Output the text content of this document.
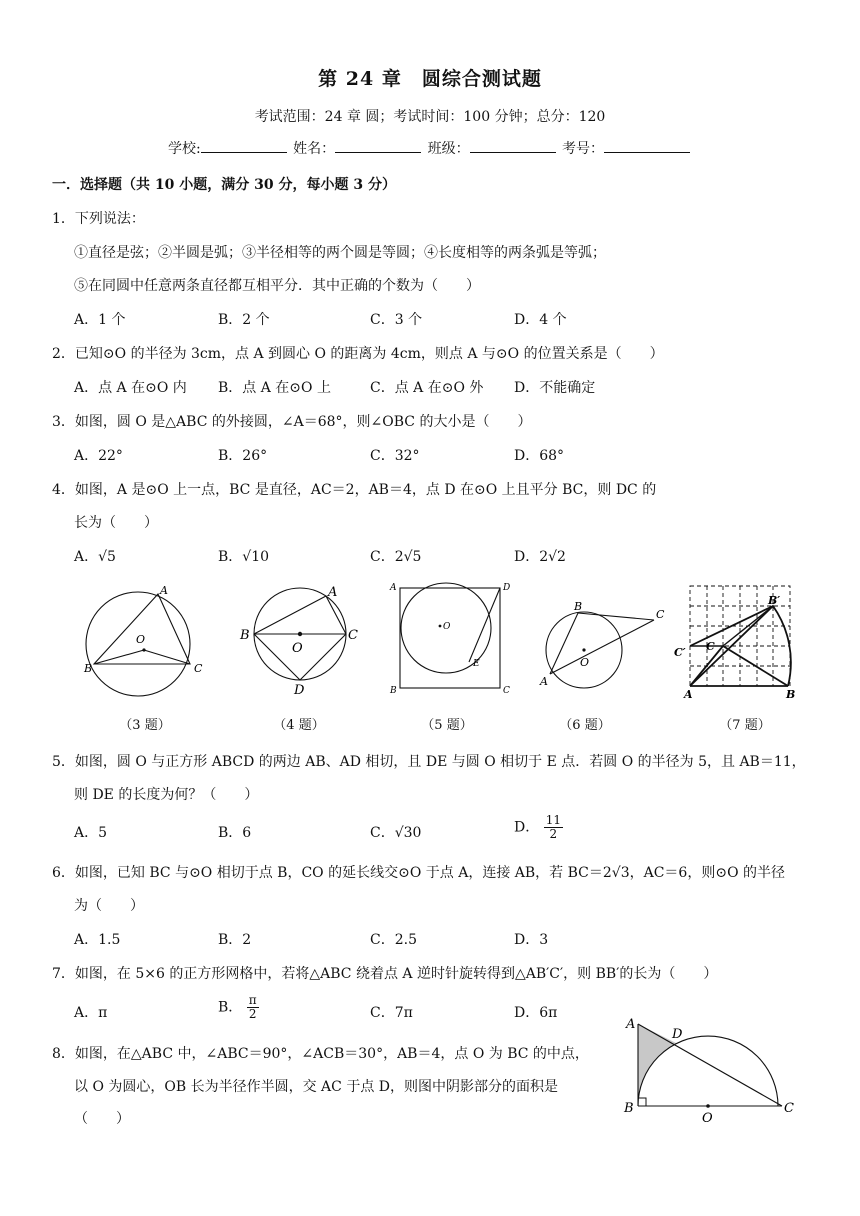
第 24 章　圆综合测试题
考试范围：24 章 圆；考试时间：100 分钟；总分：120
学校:	姓名：	班级：	考号：
一．选择题（共 10 小题，满分 30 分，每小题 3 分）
1．下列说法：
①直径是弦；②半圆是弧；③半径相等的两个圆是等圆；④长度相等的两条弧是等弧；
⑤在同圆中任意两条直径都互相平分．其中正确的个数为（　　）
A．1 个	B．2 个	C．3 个	D．4 个
2．已知⊙O 的半径为 3cm，点 A 到圆心 O 的距离为 4cm，则点 A 与⊙O 的位置关系是（　　）
A．点 A 在⊙O 内 B．点 A 在⊙O 上	C．点 A 在⊙O 外 D．不能确定
3．如图，圆 O 是△ABC 的外接圆，∠A＝68°，则∠OBC 的大小是（　　）
A．22°	B．26°	C．32°	D．68°
4．如图，A 是⊙O 上一点，BC 是直径，AC＝2，AB＝4，点 D 在⊙O 上且平分 BC，则 DC 的
长为（　　）
A．√5	B．√10	C．2√5	D．2√2
A
O
B	C
A
B
O
C
D
A	D
O
E
B	C
B
C
O
A
B′
C′ C
A	B
（3 题）	（4 题）	（5 题）	（6 题）	（7 题）
5．如图，圆 O 与正方形 ABCD 的两边 AB、AD 相切，且 DE 与圆 O 相切于 E 点．若圆 O 的半径为 5，且 AB＝11，
则 DE 的长度为何？（　　）
A．5	B．6	C．√30	D． $\frac{11}{2}$
6．如图，已知 BC 与⊙O 相切于点 B，CO 的延长线交⊙O 于点 A，连接 AB，若 BC＝2√3，AC＝6，则⊙O 的半径
为（　　）
A．1.5	B．2	C．2.5	D．3
7．如图，在 5×6 的正方形网格中，若将△ABC 绕着点 A 逆时针旋转得到△AB′C′，则 BB′的长为（　　）
A．π	B． $\frac{\pi}{2}$	C．7π	D．6π
8．如图，在△ABC 中，∠ABC＝90°，∠ACB＝30°，AB＝4，点 O 为 BC 的中点，
以 O 为圆心，OB 长为半径作半圆，交 AC 于点 D，则图中阴影部分的面积是
（　　）
A
D
B
O
C
